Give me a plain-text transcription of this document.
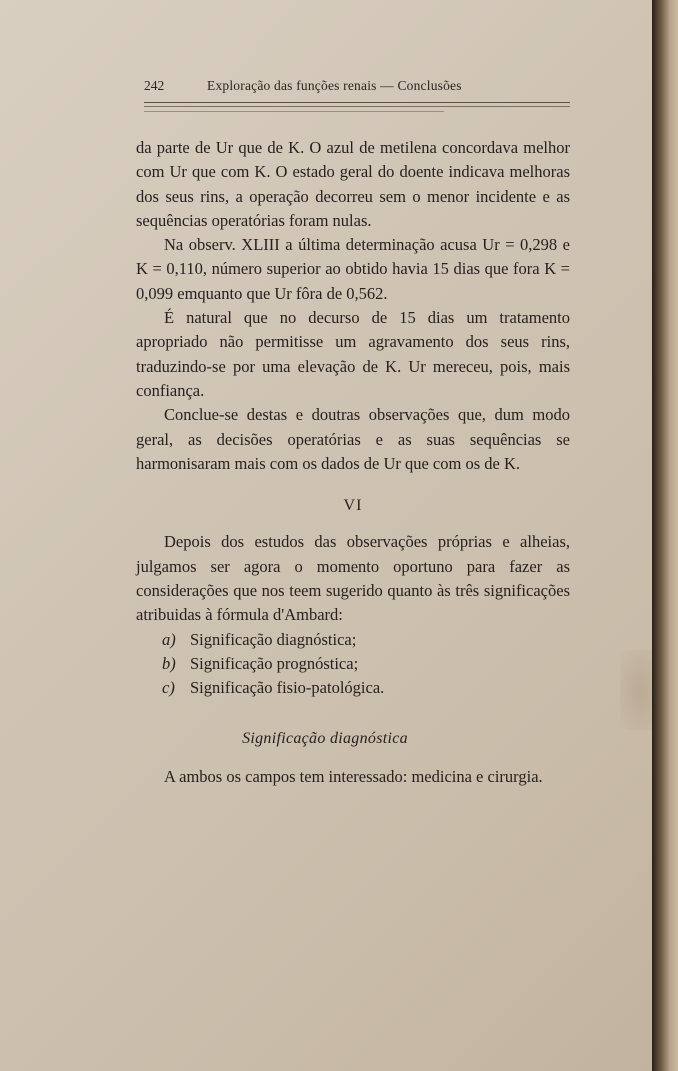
242	Exploração das funções renais — Conclusões

da parte de Ur que de K. O azul de metilena concordava melhor com Ur que com K. O estado geral do doente indicava melhoras dos seus rins, a operação decorreu sem o menor incidente e as sequências operatórias foram nulas.

Na observ. XLIII a última determinação acusa Ur = 0,298 e K = 0,110, número superior ao obtido havia 15 dias que fora K = 0,099 emquanto que Ur fôra de 0,562.

É natural que no decurso de 15 dias um tratamento apropriado não permitisse um agravamento dos seus rins, traduzindo-se por uma elevação de K. Ur mereceu, pois, mais confiança.

Conclue-se destas e doutras observações que, dum modo geral, as decisões operatórias e as suas sequências se harmonisaram mais com os dados de Ur que com os de K.

VI

Depois dos estudos das observações próprias e alheias, julgamos ser agora o momento oportuno para fazer as considerações que nos teem sugerido quanto às três significações atribuidas à fórmula d'Ambard:

a) Significação diagnóstica;
b) Significação prognóstica;
c) Significação fisio-patológica.
Significação diagnóstica

A ambos os campos tem interessado: medicina e cirurgia.
